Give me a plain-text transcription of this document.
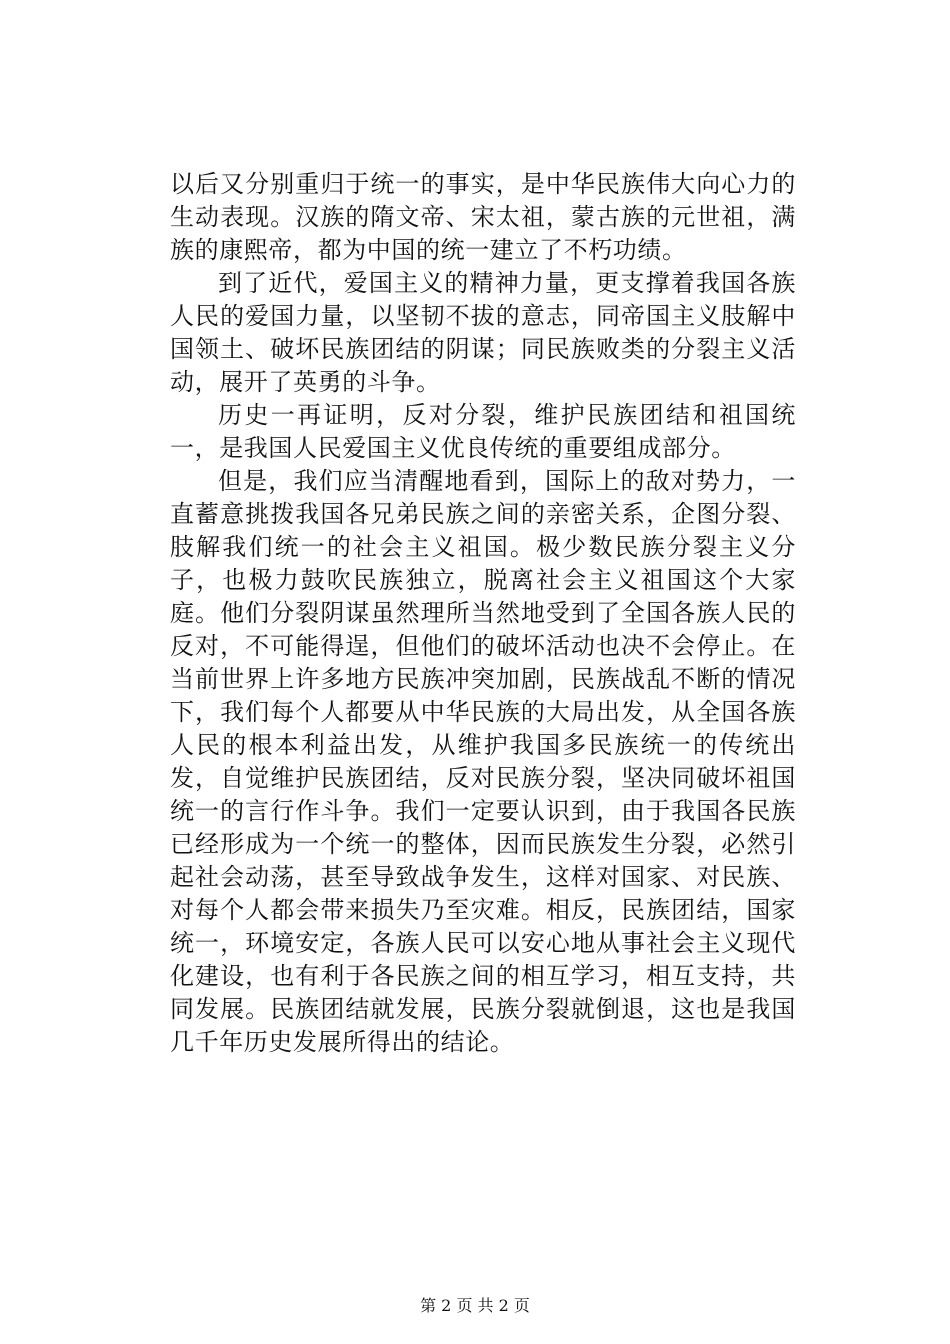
以后又分别重归于统一的事实，是中华民族伟大向心力的生动表现。汉族的隋文帝、宋太祖，蒙古族的元世祖，满族的康熙帝，都为中国的统一建立了不朽功绩。

到了近代，爱国主义的精神力量，更支撑着我国各族人民的爱国力量，以坚韧不拔的意志，同帝国主义肢解中国领土、破坏民族团结的阴谋；同民族败类的分裂主义活动，展开了英勇的斗争。

历史一再证明，反对分裂，维护民族团结和祖国统一，是我国人民爱国主义优良传统的重要组成部分。

但是，我们应当清醒地看到，国际上的敌对势力，一直蓄意挑拨我国各兄弟民族之间的亲密关系，企图分裂、肢解我们统一的社会主义祖国。极少数民族分裂主义分子，也极力鼓吹民族独立，脱离社会主义祖国这个大家庭。他们分裂阴谋虽然理所当然地受到了全国各族人民的反对，不可能得逞，但他们的破坏活动也决不会停止。在当前世界上许多地方民族冲突加剧，民族战乱不断的情况下，我们每个人都要从中华民族的大局出发，从全国各族人民的根本利益出发，从维护我国多民族统一的传统出发，自觉维护民族团结，反对民族分裂，坚决同破坏祖国统一的言行作斗争。我们一定要认识到，由于我国各民族已经形成为一个统一的整体，因而民族发生分裂，必然引起社会动荡，甚至导致战争发生，这样对国家、对民族、对每个人都会带来损失乃至灾难。相反，民族团结，国家统一，环境安定，各族人民可以安心地从事社会主义现代化建设，也有利于各民族之间的相互学习，相互支持，共同发展。民族团结就发展，民族分裂就倒退，这也是我国几千年历史发展所得出的结论。

第 2 页 共 2 页
